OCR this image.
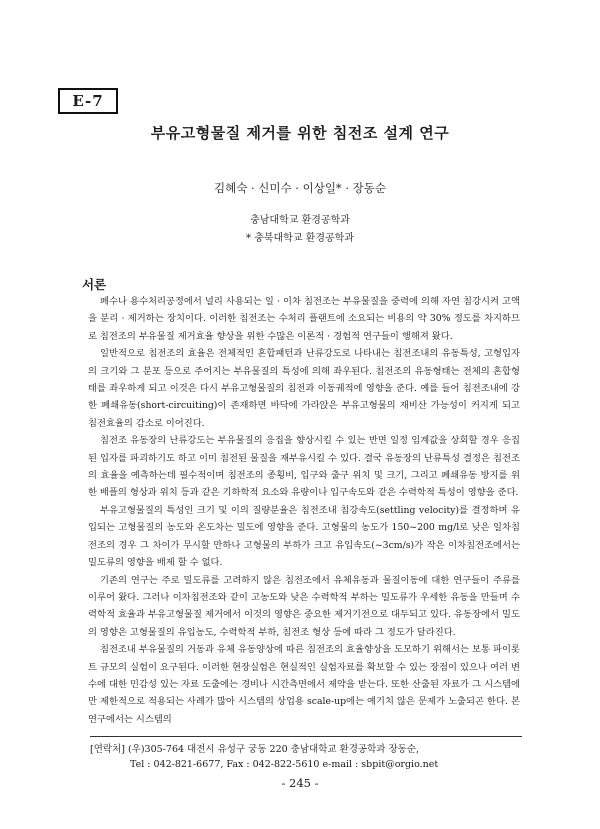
E-7
부유고형물질 제거를 위한 침전조 설계 연구
김혜숙 · 신미수 · 이상일* · 장동순
충남대학교 환경공학과
* 충북대학교 환경공학과
서론

폐수나 용수처리공정에서 널리 사용되는 일 · 이차 침전조는 부유물질을 중력에 의해 자연 침강시켜 고액을 분리 · 제거하는 장치이다. 이러한 침전조는 수처리 플랜트에 소요되는 비용의 약 30% 정도를 차지하므로 침전조의 부유물질 제거효율 향상을 위한 수많은 이론적 · 경험적 연구들이 행해져 왔다.

일반적으로 침전조의 효율은 전체적인 혼합패턴과 난류강도로 나타내는 침전조내의 유동특성, 고형입자의 크기와 그 분포 등으로 주어지는 부유물질의 특성에 의해 좌우된다. 침전조의 유동형태는 전체의 혼합형태를 좌우하게 되고 이것은 다시 부유고형물질의 침전과 이동궤적에 영향을 준다. 예를 들어 침전조내에 강한 폐쇄유동(short-circuiting)이 존재하면 바닥에 가라앉은 부유고형물의 재비산 가능성이 커지게 되고 침전효율의 감소로 이어진다.

침전조 유동장의 난류강도는 부유물질의 응집을 향상시킬 수 있는 반면 일정 임계값을 상회할 경우 응집된 입자를 파괴하기도 하고 이미 침전된 물질을 재부유시킬 수 있다. 결국 유동장의 난류특성 결정은 침전조의 효율을 예측하는데 필수적이며 침전조의 종횡비, 입구와 출구 위치 및 크기, 그리고 폐쇄유동 방지를 위한 배플의 형상과 위치 등과 같은 기하학적 요소와 유량이나 입구속도와 같은 수력학적 특성이 영향을 준다.

부유고형물질의 특성인 크기 및 이의 질량분율은 침전조내 침강속도(settling velocity)를 결정하며 유입되는 고형물질의 농도와 온도차는 밀도에 영향을 준다. 고형물의 농도가 150~200 mg/l로 낮은 일차침전조의 경우 그 차이가 무시할 만하나 고형물의 부하가 크고 유입속도(~3cm/s)가 작은 이차침전조에서는 밀도류의 영향을 배제 할 수 없다.

기존의 연구는 주로 밀도류를 고려하지 않은 침전조에서 유체유동과 물질이동에 대한 연구들이 주류를 이루어 왔다. 그러나 이차침전조와 같이 고농도와 낮은 수력학적 부하는 밀도류가 우세한 유동을 만들며 수력학적 효율과 부유고형물질 제거에서 이것의 영향은 중요한 제거기전으로 대두되고 있다. 유동장에서 밀도의 영향은 고형물질의 유입농도, 수력학적 부하, 침전조 형상 등에 따라 그 정도가 달라진다.

침전조내 부유물질의 거동과 유체 유동양상에 따른 침전조의 효율향상을 도모하기 위해서는 보통 파이롯트 규모의 실험이 요구된다. 이러한 현장실험은 현실적인 실험자료를 확보할 수 있는 장점이 있으나 여러 변수에 대한 민감성 있는 자료 도출에는 경비나 시간측면에서 제약을 받는다. 또한 산출된 자료가 그 시스템에만 제한적으로 적용되는 사례가 많아 시스템의 상업용 scale-up에는 예기치 않은 문제가 노출되곤 한다. 본 연구에서는 시스템의

[연락처] (우)305-764 대전시 유성구 궁동 220 충남대학교 환경공학과 장동순,
Tel : 042-821-6677, Fax : 042-822-5610 e-mail : sbpit@orgio.net
- 245 -
